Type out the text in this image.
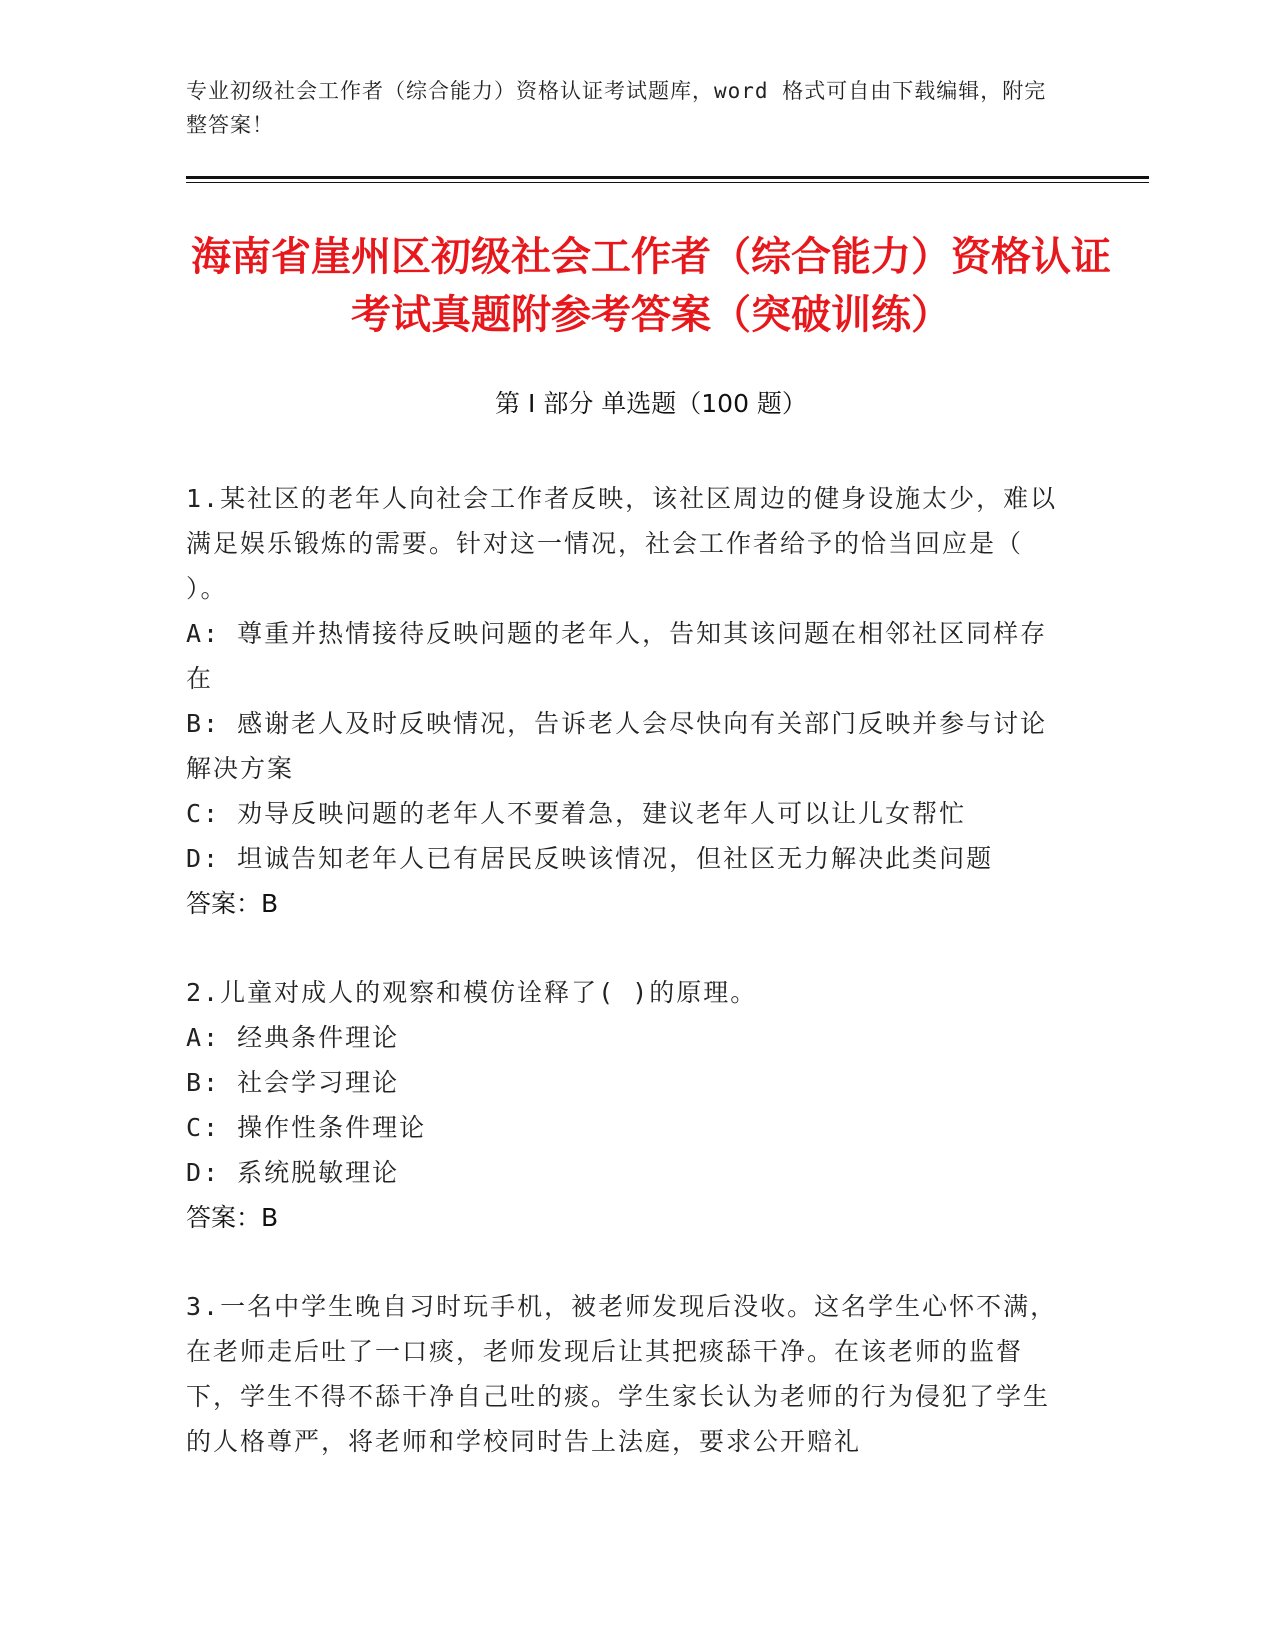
专业初级社会工作者（综合能力）资格认证考试题库，word 格式可自由下载编辑，附完整答案！
海南省崖州区初级社会工作者（综合能力）资格认证考试真题附参考答案（突破训练）
第 I 部分 单选题（100 题）

1.某社区的老年人向社会工作者反映，该社区周边的健身设施太少，难以满足娱乐锻炼的需要。针对这一情况，社会工作者给予的恰当回应是（ ）。

A: 尊重并热情接待反映问题的老年人，告知其该问题在相邻社区同样存在

B: 感谢老人及时反映情况，告诉老人会尽快向有关部门反映并参与讨论解决方案

C: 劝导反映问题的老年人不要着急，建议老年人可以让儿女帮忙

D: 坦诚告知老年人已有居民反映该情况，但社区无力解决此类问题

答案：B

2.儿童对成人的观察和模仿诠释了( )的原理。

A: 经典条件理论

B: 社会学习理论

C: 操作性条件理论

D: 系统脱敏理论

答案：B

3.一名中学生晚自习时玩手机，被老师发现后没收。这名学生心怀不满，在老师走后吐了一口痰，老师发现后让其把痰舔干净。在该老师的监督下，学生不得不舔干净自己吐的痰。学生家长认为老师的行为侵犯了学生的人格尊严，将老师和学校同时告上法庭，要求公开赔礼
